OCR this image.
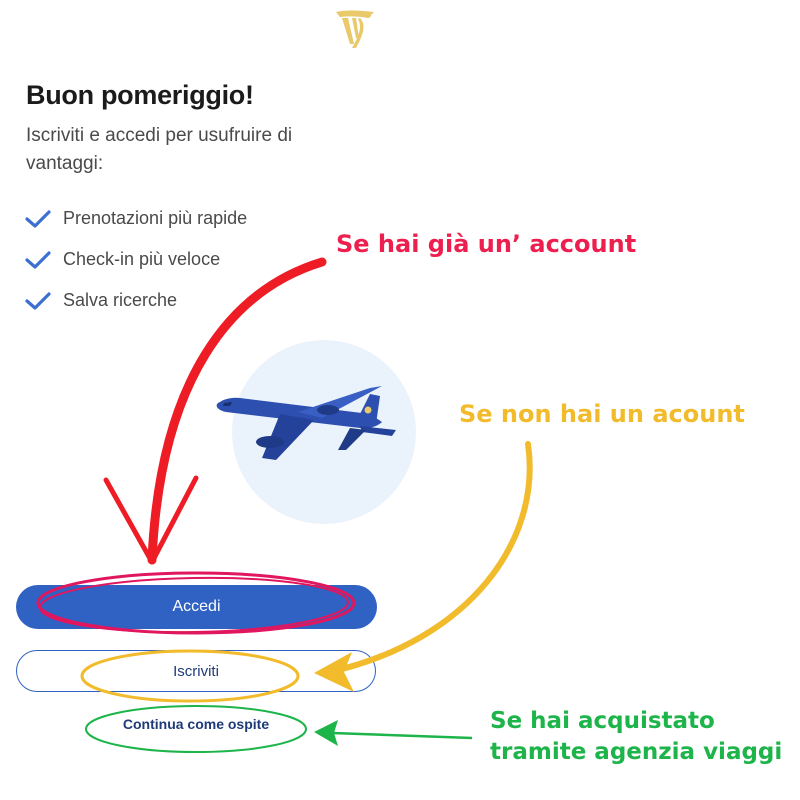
Buon pomeriggio!
Iscriviti e accedi per usufruire di vantaggi:
Prenotazioni più rapide
Check-in più veloce
Salva ricerche
Accedi
Iscriviti
Continua come ospite
Se hai già un’ account
Se non hai un acount
Se hai acquistato
tramite agenzia viaggi
